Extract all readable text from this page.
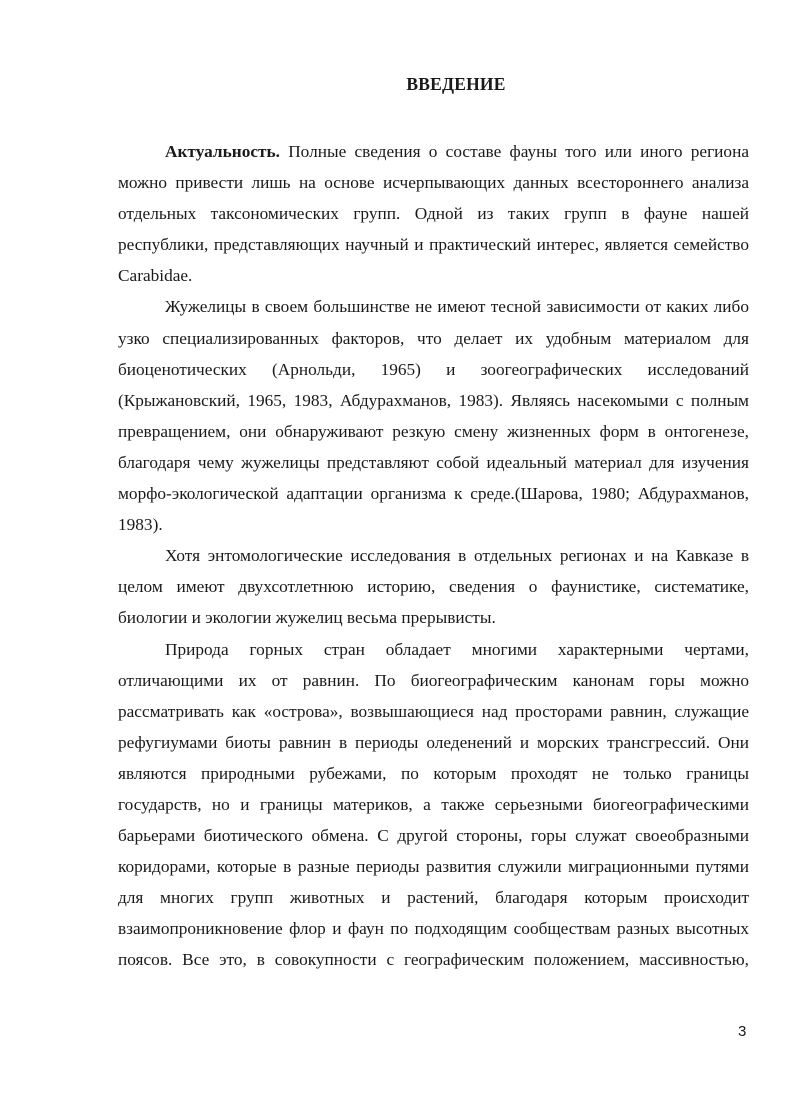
ВВЕДЕНИЕ

Актуальность. Полные сведения о составе фауны того или иного региона можно привести лишь на основе исчерпывающих данных всестороннего анализа отдельных таксономических групп. Одной из таких групп в фауне нашей республики, представляющих научный и практический интерес, является семейство Carabidae.

Жужелицы в своем большинстве не имеют тесной зависимости от каких либо узко специализированных факторов, что делает их удобным материалом для биоценотических (Арнольди, 1965) и зоогеографических исследований (Крыжановский, 1965, 1983, Абдурахманов, 1983). Являясь насекомыми с полным превращением, они обнаруживают резкую смену жизненных форм в онтогенезе, благодаря чему жужелицы представляют собой идеальный материал для изучения морфо-экологической адаптации организма к среде.(Шарова, 1980; Абдурахманов, 1983).

Хотя энтомологические исследования в отдельных регионах и на Кавказе в целом имеют двухсотлетнюю историю, сведения о фаунистике, систематике, биологии и экологии жужелиц весьма прерывисты.

Природа горных стран обладает многими характерными чертами, отличающими их от равнин. По биогеографическим канонам горы можно рассматривать как «острова», возвышающиеся над просторами равнин, служащие рефугиумами биоты равнин в периоды оледенений и морских трансгрессий. Они являются природными рубежами, по которым проходят не только границы государств, но и границы материков, а также серьезными биогеографическими барьерами биотического обмена. С другой стороны, горы служат своеобразными коридорами, которые в разные периоды развития служили миграционными путями для многих групп животных и растений, благодаря которым происходит взаимопроникновение флор и фаун по подходящим сообществам разных высотных поясов. Все это, в совокупности с географическим положением, массивностью,

3
